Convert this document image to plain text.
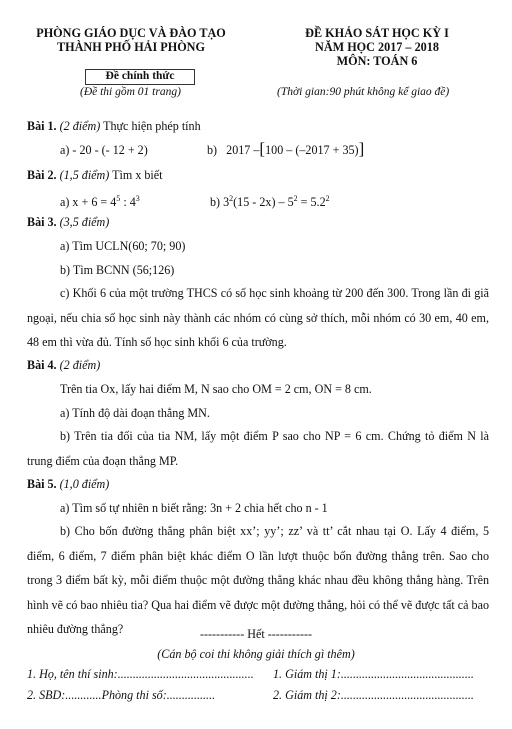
PHÒNG GIÁO DỤC VÀ ĐÀO TẠO
THÀNH PHỐ HẢI PHÒNG
ĐỀ KHẢO SÁT HỌC KỲ I
NĂM HỌC 2017 – 2018
MÔN: TOÁN 6
Đề chính thức
(Đề thi gồm 01 trang)	(Thời gian:90 phút không kể giao đề)
Bài 1. (2 điểm) Thực hiện phép tính
a) - 20 - (- 12 + 2)	b) 2017 –[100 – (–2017 + 35)]
Bài 2. (1,5 điểm) Tìm x biết
a) $x + 6 = 4^5$ : $4^3$	b) $3^2(15 - 2x) - 5^2 = 5.2^2$
Bài 3. (3,5 điểm)
a) Tìm UCLN(60; 70; 90)
b) Tìm BCNN (56;126)
c) Khối 6 của một trường THCS có số học sinh khoảng từ 200 đến 300. Trong lần đi giã ngoại, nếu chia số học sinh này thành các nhóm có cùng sở thích, mỗi nhóm có 30 em, 40 em, 48 em thì vừa đủ. Tính số học sinh khối 6 của trường.
Bài 4. (2 điểm)
Trên tia Ox, lấy hai điểm M, N sao cho OM = 2 cm, ON = 8 cm.
a) Tính độ dài đoạn thẳng MN.
b) Trên tia đối của tia NM, lấy một điểm P sao cho NP = 6 cm. Chứng tỏ điểm N là trung điểm của đoạn thẳng MP.
Bài 5. (1,0 điểm)
a) Tìm số tự nhiên n biết rằng: 3n + 2 chia hết cho n - 1
b) Cho bốn đường thẳng phân biệt xx’; yy’; zz’ và tt’ cắt nhau tại O. Lấy 4 điểm, 5 điểm, 6 điểm, 7 điểm phân biệt khác điểm O lần lượt thuộc bốn đường thẳng trên. Sao cho trong 3 điểm bất kỳ, mỗi điểm thuộc một đường thẳng khác nhau đều không thẳng hàng. Trên hình vẽ có bao nhiêu tia? Qua hai điểm vẽ được một đường thẳng, hỏi có thể vẽ được tất cả bao nhiêu đường thẳng?	----------- Hết -----------
(Cán bộ coi thi không giải thích gì thêm)
1. Họ, tên thí sinh:............................................. 1. Giám thị 1:............................................
2. SBD:............Phòng thi số:................	2. Giám thị 2:............................................
